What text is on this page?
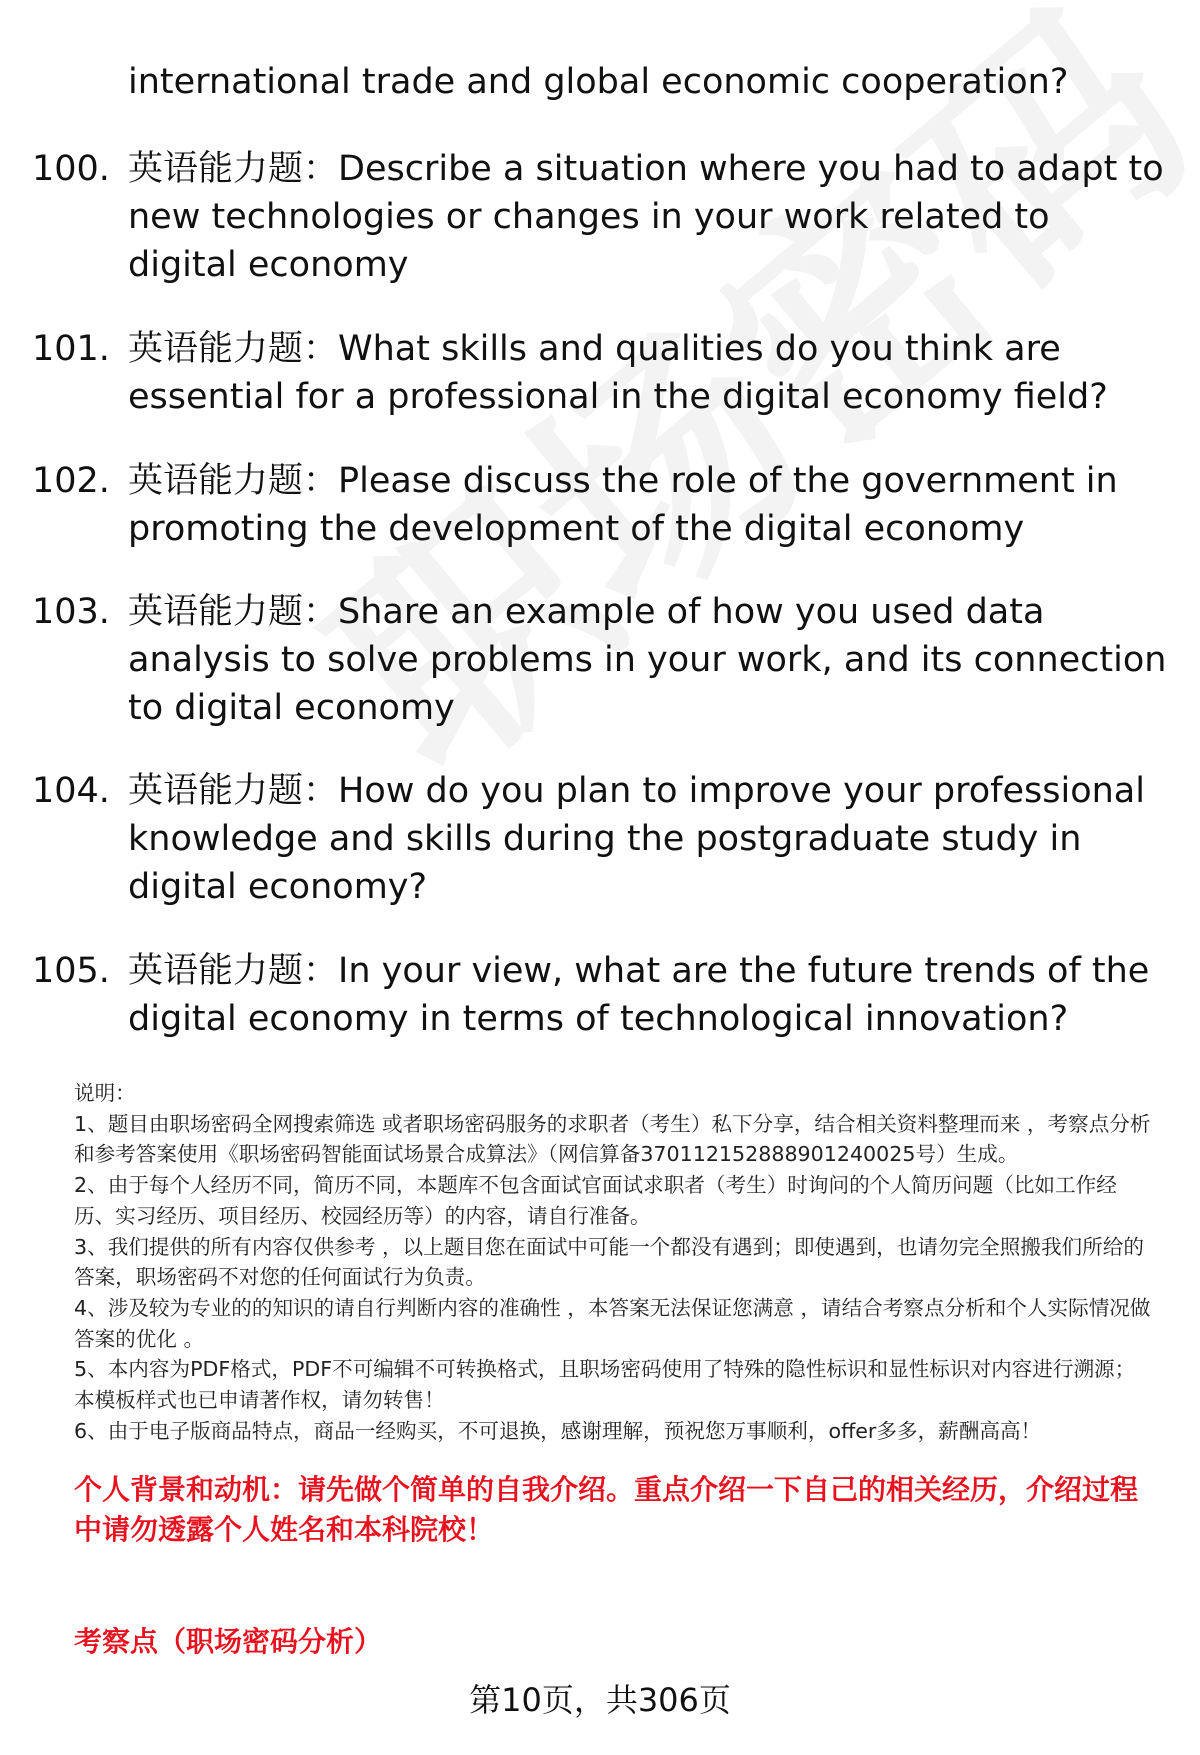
international trade and global economic cooperation?
100. 英语能力题：Describe a situation where you had to adapt to new technologies or changes in your work related to digital economy
101. 英语能力题：What skills and qualities do you think are essential for a professional in the digital economy field?
102. 英语能力题：Please discuss the role of the government in promoting the development of the digital economy
103. 英语能力题：Share an example of how you used data analysis to solve problems in your work, and its connection to digital economy
104. 英语能力题：How do you plan to improve your professional knowledge and skills during the postgraduate study in digital economy?
105. 英语能力题：In your view, what are the future trends of the digital economy in terms of technological innovation?

说明：

1、题目由职场密码全网搜索筛选 或者职场密码服务的求职者（考生）私下分享，结合相关资料整理而来 ，考察点分析和参考答案使用《职场密码智能面试场景合成算法》（网信算备370112152888901240025号）生成。

2、由于每个人经历不同，简历不同，本题库不包含面试官面试求职者（考生）时询问的个人简历问题（比如工作经历、实习经历、项目经历、校园经历等）的内容，请自行准备。

3、我们提供的所有内容仅供参考 ，以上题目您在面试中可能一个都没有遇到；即使遇到，也请勿完全照搬我们所给的答案，职场密码不对您的任何面试行为负责。

4、涉及较为专业的的知识的请自行判断内容的准确性 ，本答案无法保证您满意 ，请结合考察点分析和个人实际情况做答案的优化 。

5、本内容为PDF格式，PDF不可编辑不可转换格式，且职场密码使用了特殊的隐性标识和显性标识对内容进行溯源；本模板样式也已申请著作权，请勿转售！

6、由于电子版商品特点，商品一经购买，不可退换，感谢理解，预祝您万事顺利，offer多多，薪酬高高！

个人背景和动机：请先做个简单的自我介绍。重点介绍一下自己的相关经历，介绍过程中请勿透露个人姓名和本科院校！
考察点（职场密码分析）
第10页，共306页
